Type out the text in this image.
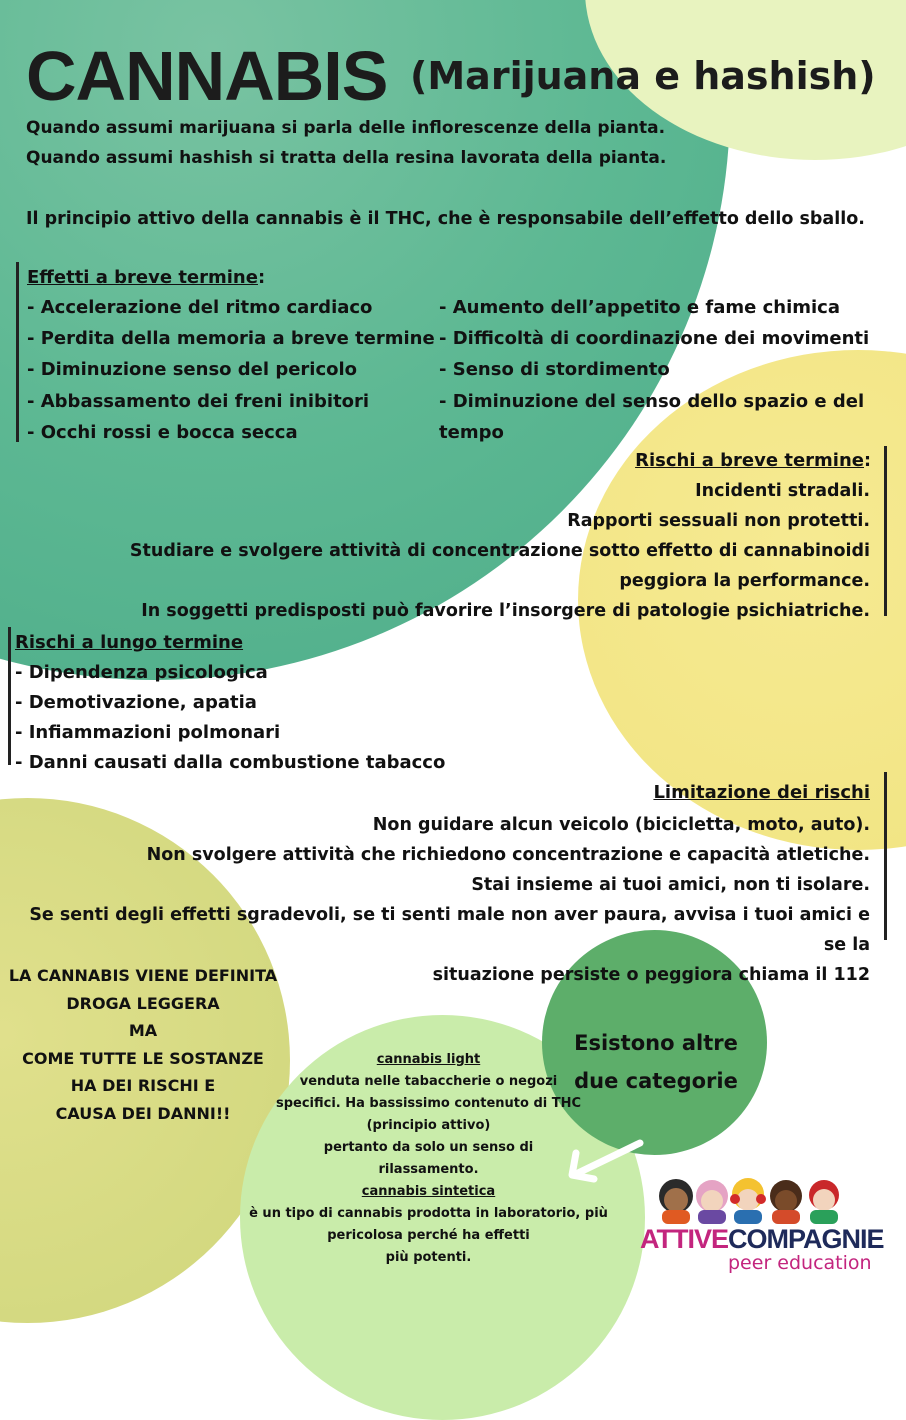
CANNABIS (Marijuana e hashish)
Quando assumi marijuana si parla delle inflorescenze della pianta.
Quando assumi hashish si tratta della resina lavorata della pianta.
Il principio attivo della cannabis è il THC, che è responsabile dell’effetto dello sballo.
Effetti a breve termine:
- Accelerazione del ritmo cardiaco
- Perdita della memoria a breve termine
- Diminuzione senso del pericolo
- Abbassamento dei freni inibitori
- Occhi rossi e bocca secca
- Aumento dell’appetito e fame chimica
- Difficoltà di coordinazione dei movimenti
- Senso di stordimento
- Diminuzione del senso dello spazio e del
tempo
Rischi a breve termine:
Incidenti stradali.
Rapporti sessuali non protetti.
Studiare e svolgere attività di concentrazione sotto effetto di cannabinoidi
peggiora la performance.
In soggetti predisposti può favorire l’insorgere di patologie psichiatriche.
Rischi a lungo termine
- Dipendenza psicologica
- Demotivazione, apatia
- Infiammazioni polmonari
- Danni causati dalla combustione tabacco
Limitazione dei rischi
Non guidare alcun veicolo (bicicletta, moto, auto).
Non svolgere attività che richiedono concentrazione e capacità atletiche.
Stai insieme ai tuoi amici, non ti isolare.
Se senti degli effetti sgradevoli, se ti senti male non aver paura, avvisa i tuoi amici e
se la
situazione persiste o peggiora chiama il 112
LA CANNABIS VIENE DEFINITA
DROGA LEGGERA
MA
COME TUTTE LE SOSTANZE
HA DEI RISCHI E
CAUSA DEI DANNI!!
Esistono altre
due categorie
cannabis light
venduta nelle tabaccherie o negozi
specifici. Ha bassissimo contenuto di THC
(principio attivo)
pertanto da solo un senso di
rilassamento.
cannabis sintetica
è un tipo di cannabis prodotta in laboratorio, più
pericolosa perché ha effetti
più potenti.
ATTIVECOMPAGNIE
peer education
